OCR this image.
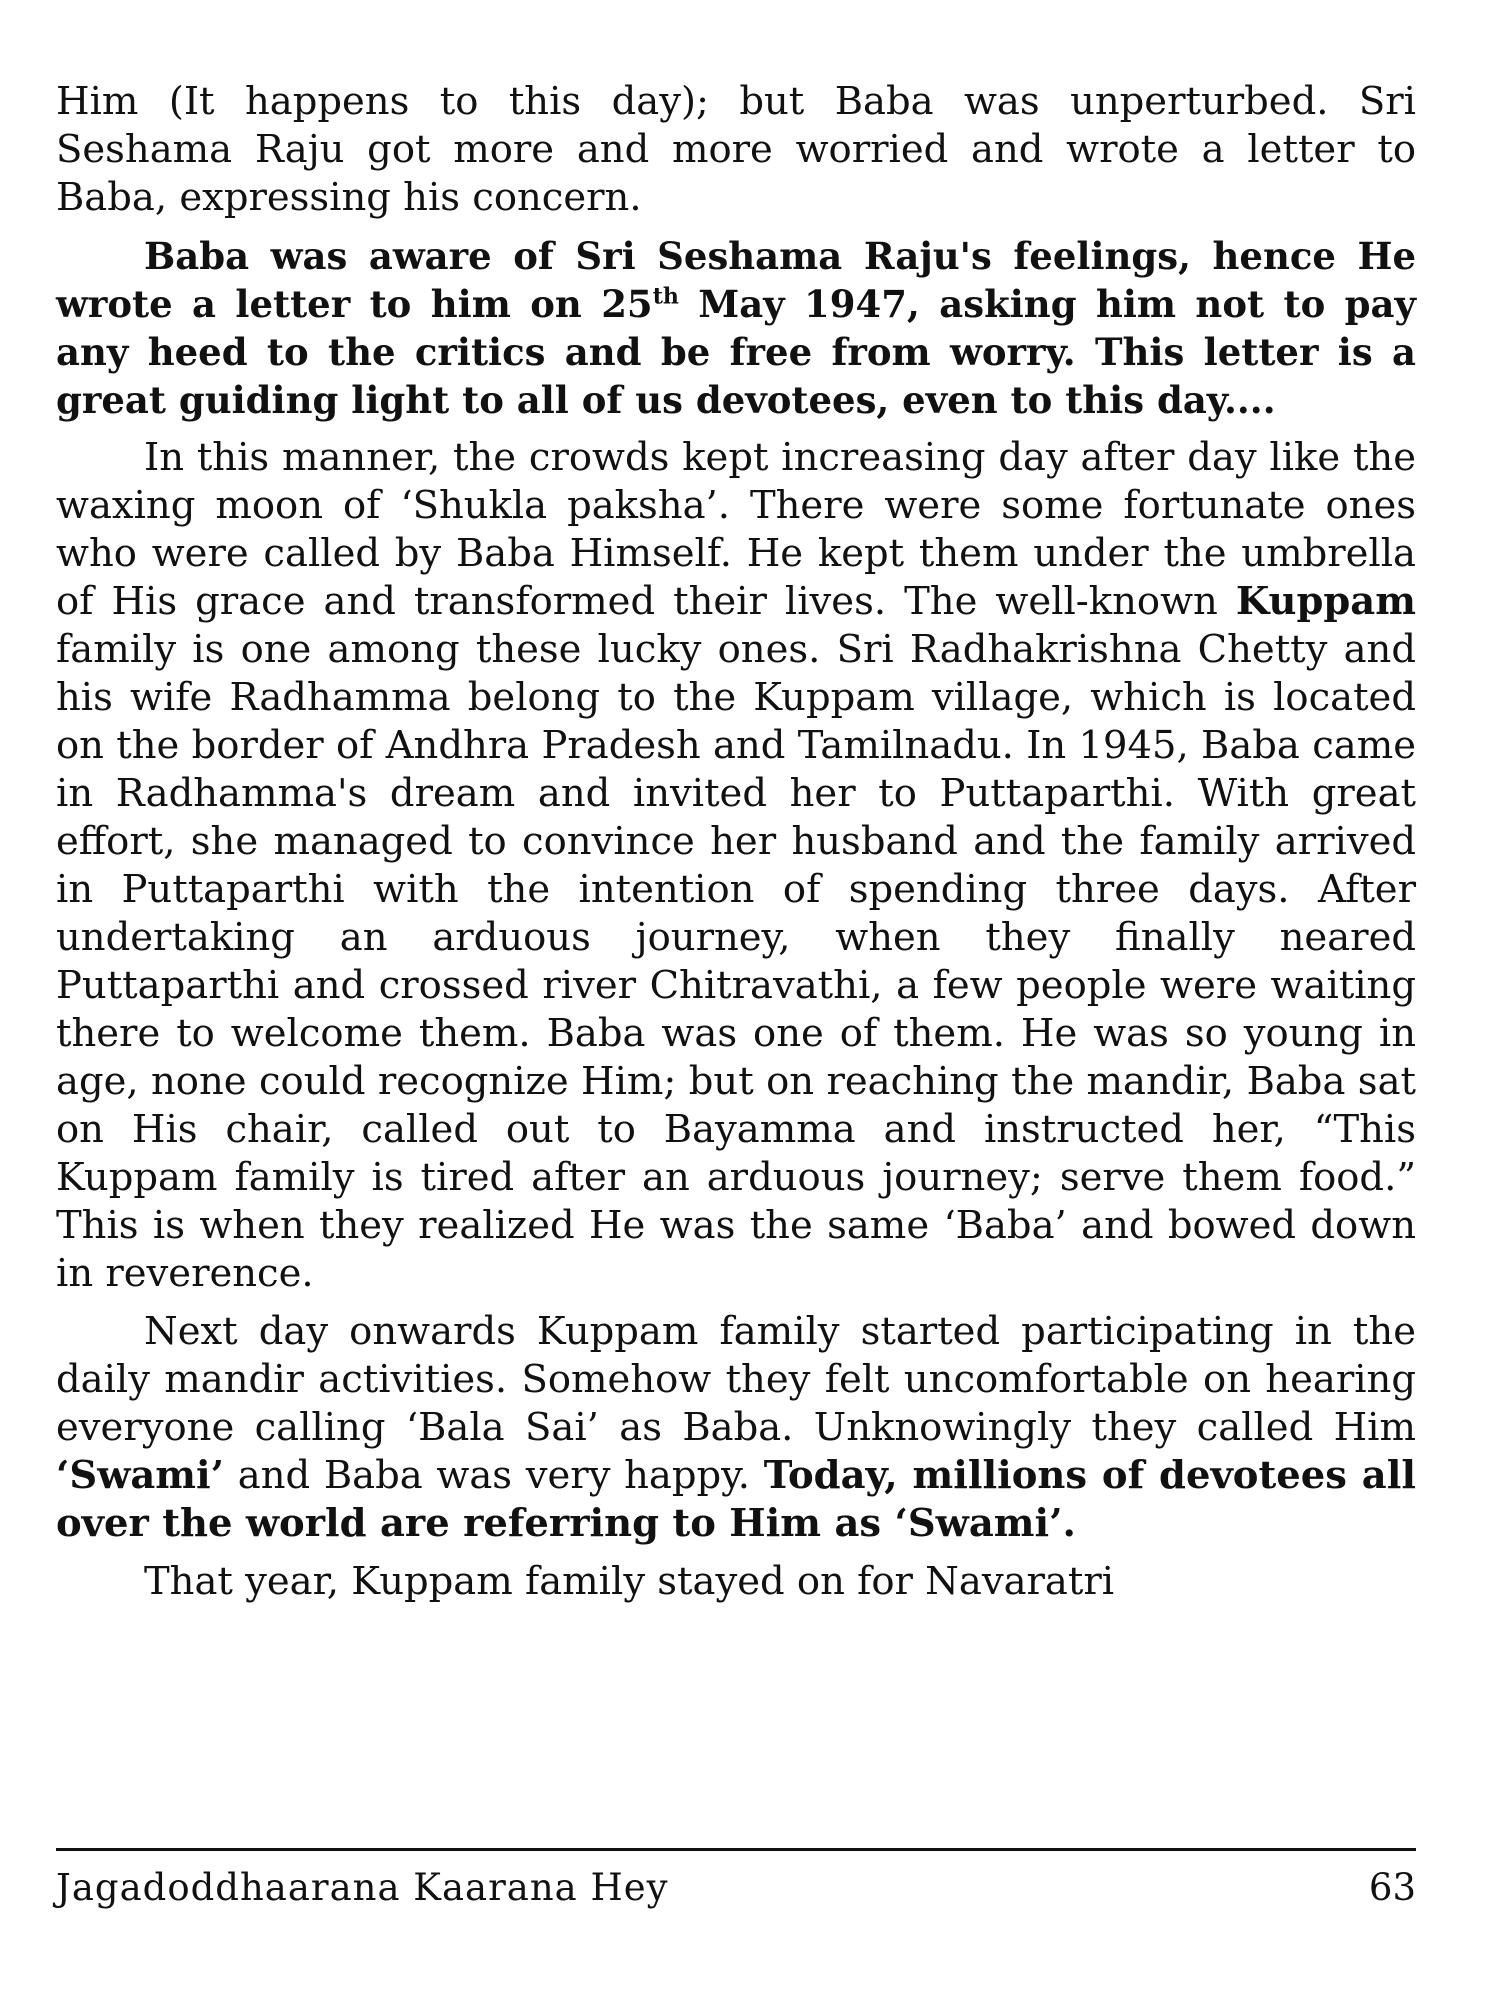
Him (It happens to this day); but Baba was unperturbed. Sri Seshama Raju got more and more worried and wrote a letter to Baba, expressing his concern.

Baba was aware of Sri Seshama Raju's feelings, hence He wrote a letter to him on 25th May 1947, asking him not to pay any heed to the critics and be free from worry. This letter is a great guiding light to all of us devotees, even to this day....

In this manner, the crowds kept increasing day after day like the waxing moon of ‘Shukla paksha’. There were some fortunate ones who were called by Baba Himself. He kept them under the umbrella of His grace and transformed their lives. The well-known Kuppam family is one among these lucky ones. Sri Radhakrishna Chetty and his wife Radhamma belong to the Kuppam village, which is located on the border of Andhra Pradesh and Tamilnadu. In 1945, Baba came in Radhamma's dream and invited her to Puttaparthi. With great effort, she managed to convince her husband and the family arrived in Puttaparthi with the intention of spending three days. After undertaking an arduous journey, when they finally neared Puttaparthi and crossed river Chitravathi, a few people were waiting there to welcome them. Baba was one of them. He was so young in age, none could recognize Him; but on reaching the mandir, Baba sat on His chair, called out to Bayamma and instructed her, “This Kuppam family is tired after an arduous journey; serve them food.” This is when they realized He was the same ‘Baba’ and bowed down in reverence.

Next day onwards Kuppam family started participating in the daily mandir activities. Somehow they felt uncomfortable on hearing everyone calling ‘Bala Sai’ as Baba. Unknowingly they called Him ‘Swami’ and Baba was very happy. Today, millions of devotees all over the world are referring to Him as ‘Swami’.

That year, Kuppam family stayed on for Navaratri

Jagadoddhaarana Kaarana Hey	63
